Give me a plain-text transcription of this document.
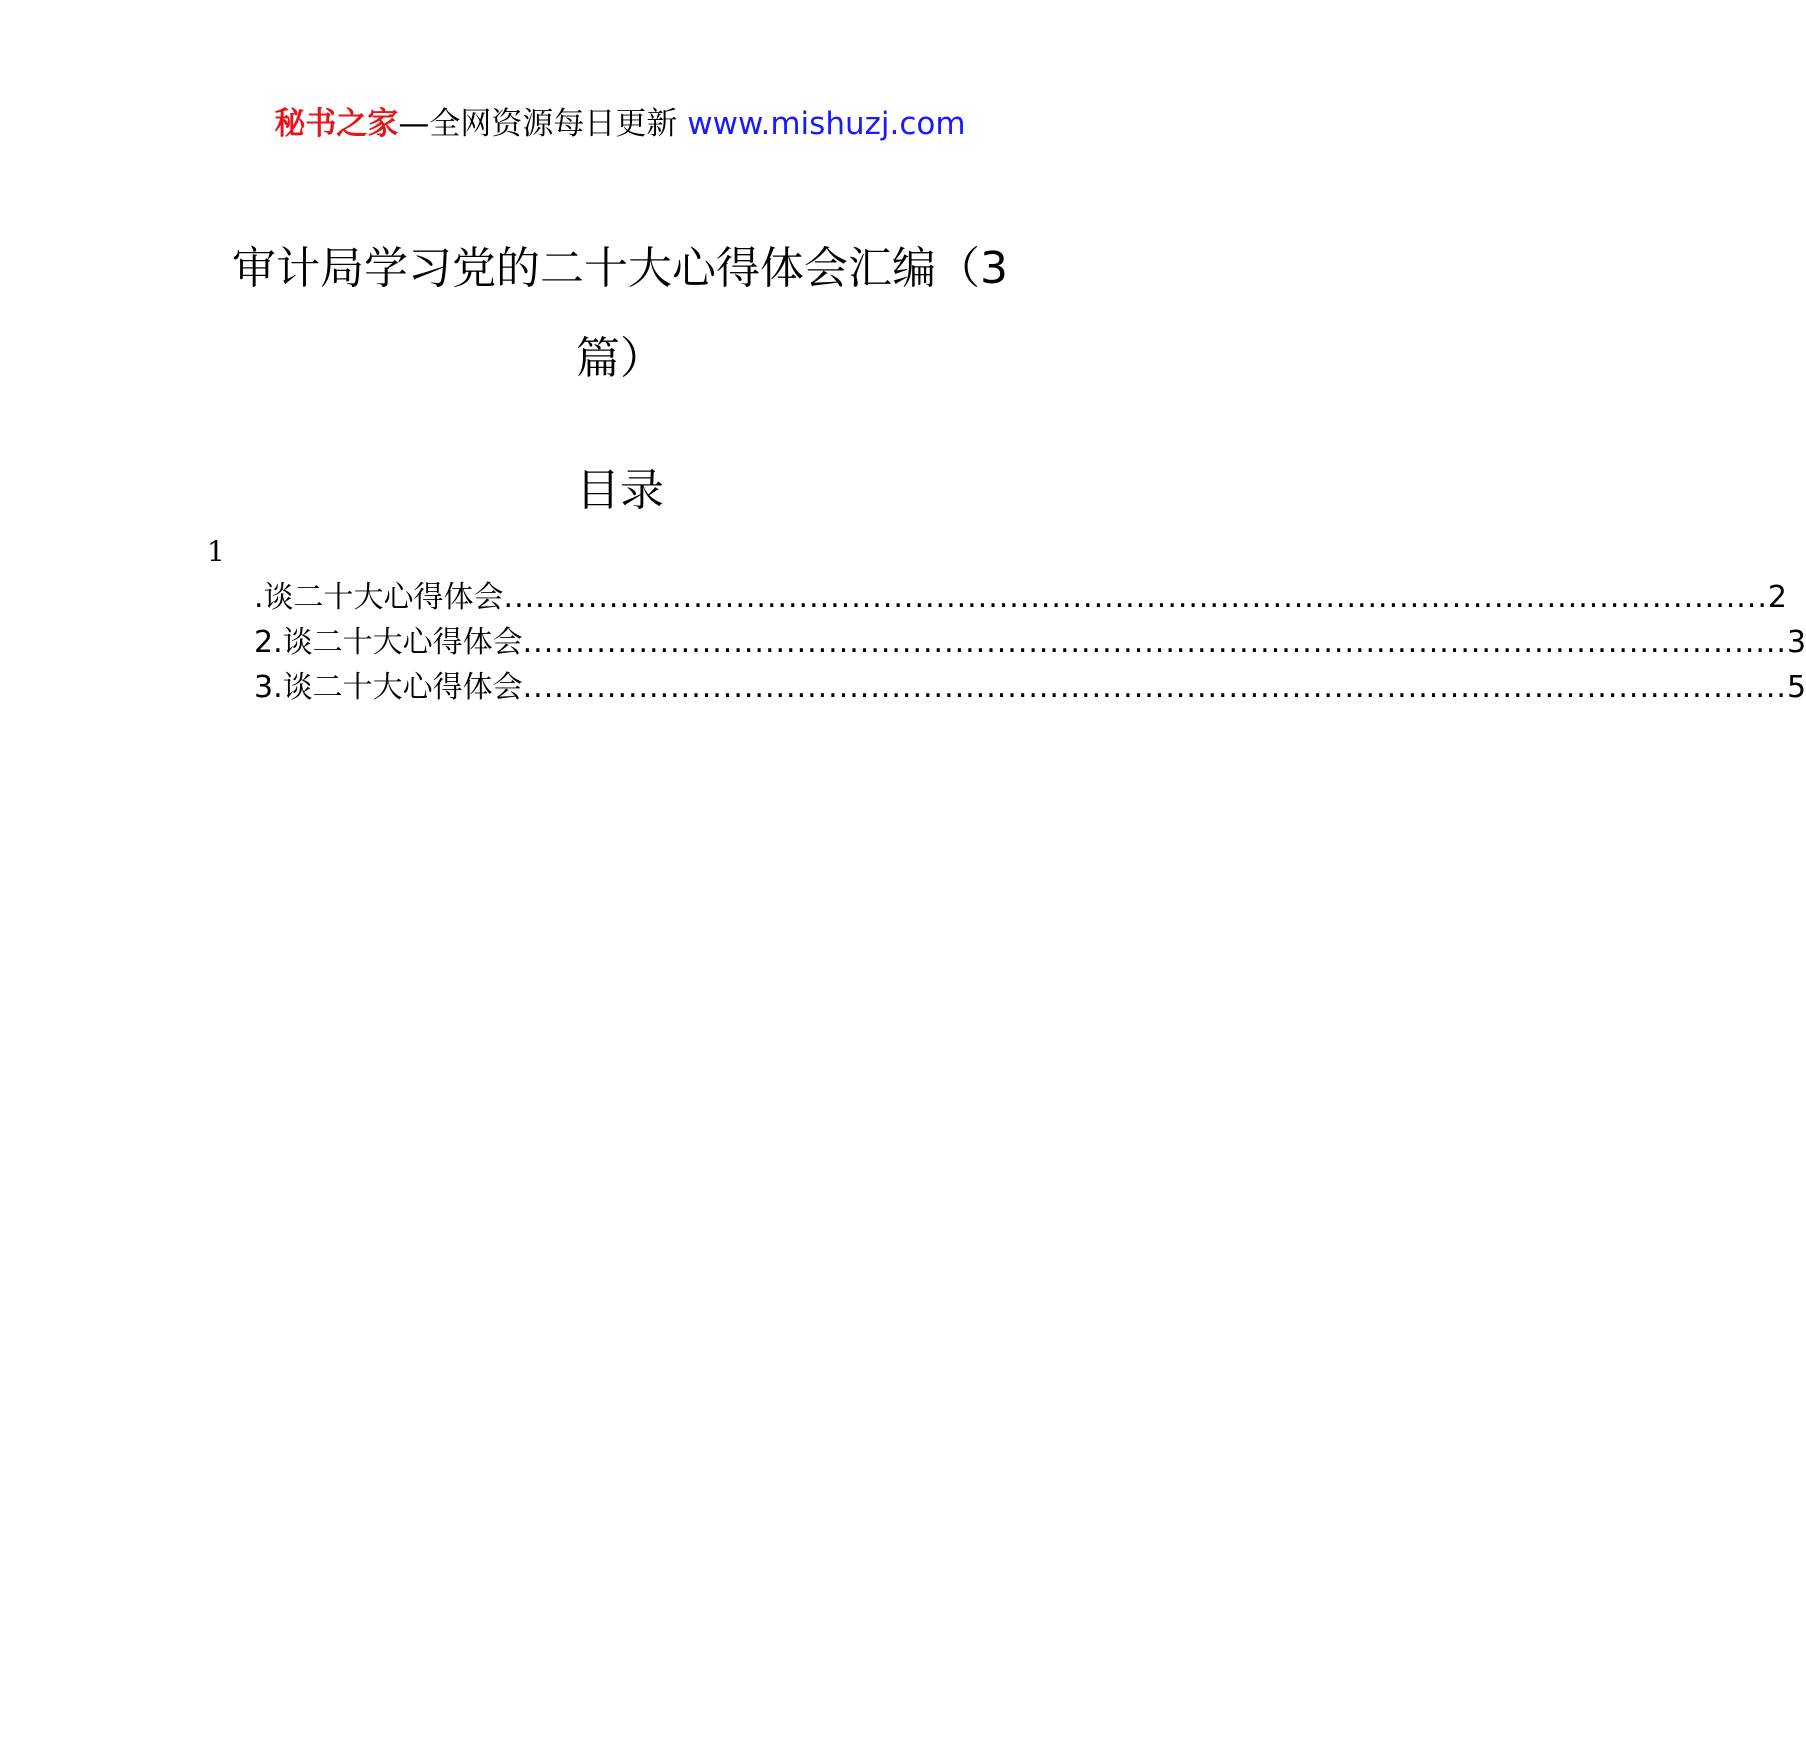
秘书之家—全网资源每日更新 www.mishuzj.com
审计局学习党的二十大心得体会汇编（3篇）
目录
1
.谈二十大心得体会 ........................................................................................................................ 2
2.谈二十大心得体会 ........................................................................................................................ 3
3.谈二十大心得体会 ........................................................................................................................ 5
